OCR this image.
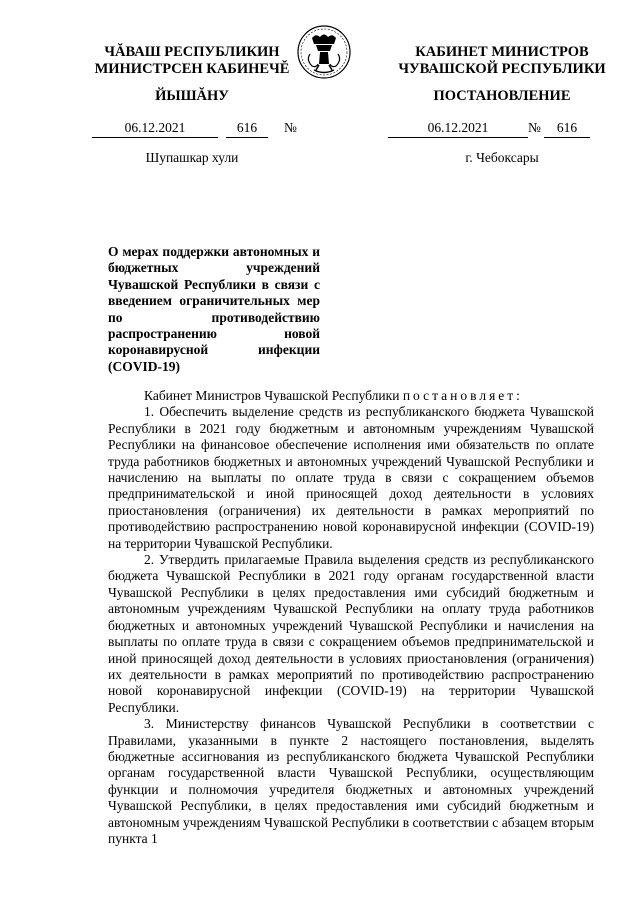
ЧĂВАШ РЕСПУБЛИКИН
МИНИСТРСЕН КАБИНЕЧĔ
КАБИНЕТ МИНИСТРОВ
ЧУВАШСКОЙ РЕСПУБЛИКИ
ЙЫШĂНУ	ПОСТАНОВЛЕНИЕ
06.12.2021	616	№	06.12.2021	№	616
Шупашкар хули	г. Чебоксары
О мерах поддержки автономных и бюджетных учреждений Чувашской Республики в связи с введением ограничительных мер по противодействию распространению новой коронавирусной инфекции (COVID-19)

Кабинет Министров Чувашской Республики постановляет:

1. Обеспечить выделение средств из республиканского бюджета Чувашской Республики в 2021 году бюджетным и автономным учреждениям Чувашской Республики на финансовое обеспечение исполнения ими обязательств по оплате труда работников бюджетных и автономных учреждений Чувашской Республики и начислению на выплаты по оплате труда в связи с сокращением объемов предпринимательской и иной приносящей доход деятельности в условиях приостановления (ограничения) их деятельности в рамках мероприятий по противодействию распространению новой коронавирусной инфекции (COVID-19) на территории Чувашской Республики.

2. Утвердить прилагаемые Правила выделения средств из республиканского бюджета Чувашской Республики в 2021 году органам государственной власти Чувашской Республики в целях предоставления ими субсидий бюджетным и автономным учреждениям Чувашской Республики на оплату труда работников бюджетных и автономных учреждений Чувашской Республики и начисления на выплаты по оплате труда в связи с сокращением объемов предпринимательской и иной приносящей доход деятельности в условиях приостановления (ограничения) их деятельности в рамках мероприятий по противодействию распространению новой коронавирусной инфекции (COVID-19) на территории Чувашской Республики.

3. Министерству финансов Чувашской Республики в соответствии с Правилами, указанными в пункте 2 настоящего постановления, выделять бюджетные ассигнования из республиканского бюджета Чувашской Республики органам государственной власти Чувашской Республики, осуществляющим функции и полномочия учредителя бюджетных и автономных учреждений Чувашской Республики, в целях предоставления ими субсидий бюджетным и автономным учреждениям Чувашской Республики в соответствии с абзацем вторым пункта 1
